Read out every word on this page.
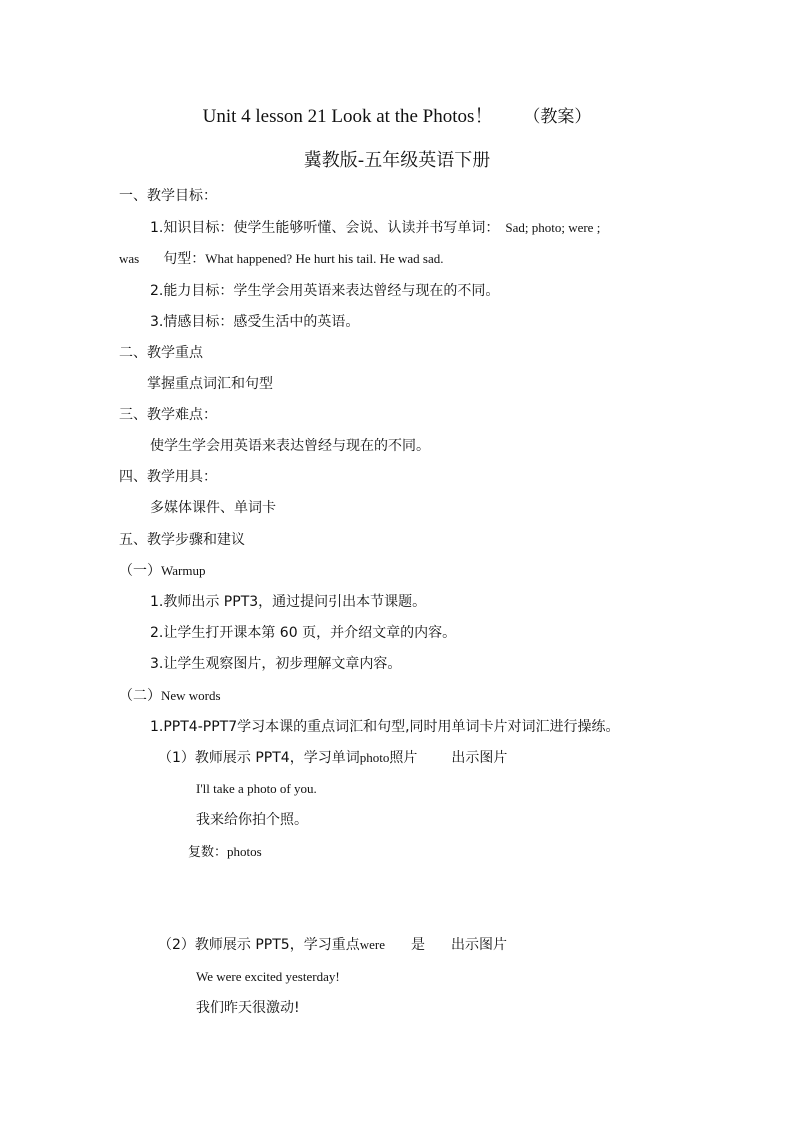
Unit 4 lesson 21 Look at the Photos！ （教案）
冀教版-五年级英语下册
一、教学目标：
1.知识目标：使学生能够听懂、会说、认读并书写单词： Sad; photo; were ;
was 句型：What happened? He hurt his tail. He wad sad.
2.能力目标：学生学会用英语来表达曾经与现在的不同。
3.情感目标：感受生活中的英语。
二、教学重点
掌握重点词汇和句型
三、教学难点：
使学生学会用英语来表达曾经与现在的不同。
四、教学用具：
多媒体课件、单词卡
五、教学步骤和建议
（一）Warmup
1.教师出示 PPT3，通过提问引出本节课题。
2.让学生打开课本第 60 页，并介绍文章的内容。
3.让学生观察图片，初步理解文章内容。
（二）New words
1.PPT4-PPT7学习本课的重点词汇和句型,同时用单词卡片对词汇进行操练。
（1）教师展示 PPT4，学习单词photo照片 出示图片
I'll take a photo of you.
我来给你拍个照。
复数：photos
（2）教师展示 PPT5，学习重点were 是 出示图片
We were excited yesterday!
我们昨天很激动!
